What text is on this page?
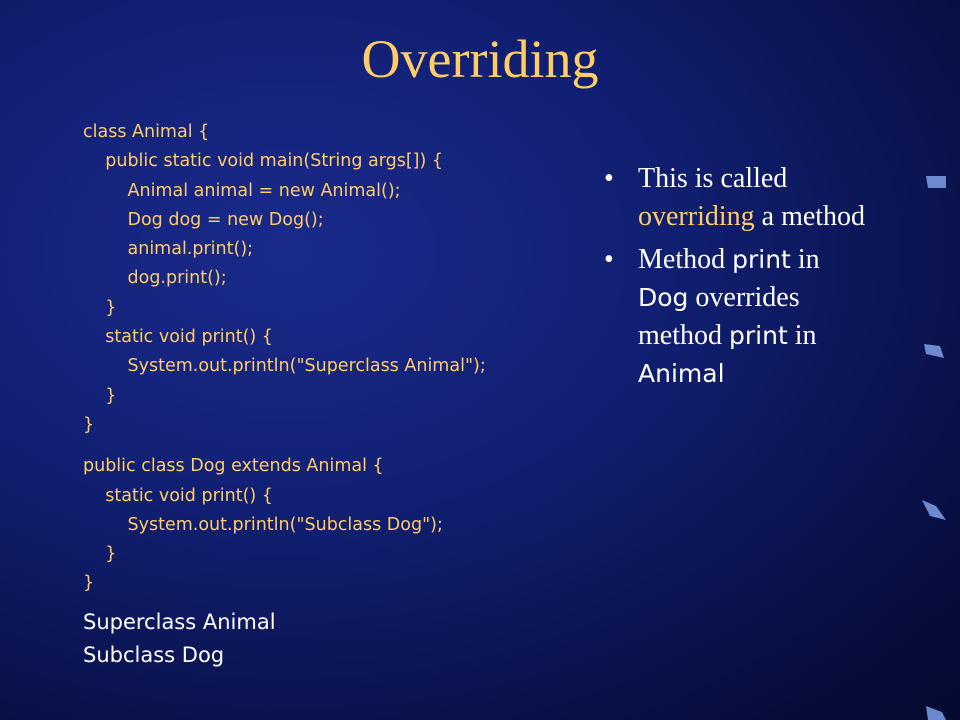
Overriding
class Animal {
public static void main(String args[]) {
Animal animal = new Animal();
Dog dog = new Dog();
animal.print();
dog.print();
}
static void print() {
System.out.println("Superclass Animal");
}
}
public class Dog extends Animal {
static void print() {
System.out.println("Subclass Dog");
}
}
Superclass Animal
Subclass Dog
• This is called overriding a method
• Method print in Dog overrides method print in Animal
